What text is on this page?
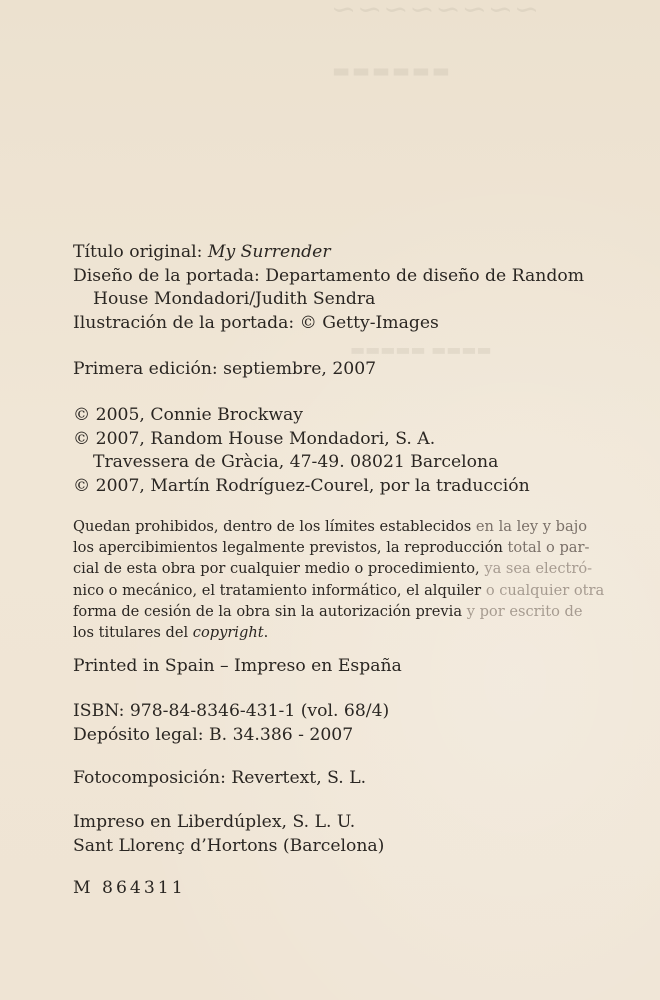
~~~~~~~~
▬▬▬▬▬▬
▬▬▬▬ ▬▬▬▬▬
Título original: My Surrender
Diseño de la portada: Departamento de diseño de Random
House Mondadori/Judith Sendra
Ilustración de la portada: © Getty-Images
Primera edición: septiembre, 2007
© 2005, Connie Brockway
© 2007, Random House Mondadori, S. A.
Travessera de Gràcia, 47-49. 08021 Barcelona
© 2007, Martín Rodríguez-Courel, por la traducción
Quedan prohibidos, dentro de los límites establecidos en la ley y bajo
los apercibimientos legalmente previstos, la reproducción total o par-
cial de esta obra por cualquier medio o procedimiento, ya sea electró-
nico o mecánico, el tratamiento informático, el alquiler o cualquier otra
forma de cesión de la obra sin la autorización previa y por escrito de
los titulares del copyright.
Printed in Spain – Impreso en España
ISBN: 978-84-8346-431-1 (vol. 68/4)
Depósito legal: B. 34.386 - 2007
Fotocomposición: Revertext, S. L.
Impreso en Liberdúplex, S. L. U.
Sant Llorenç d’Hortons (Barcelona)
M 864311
